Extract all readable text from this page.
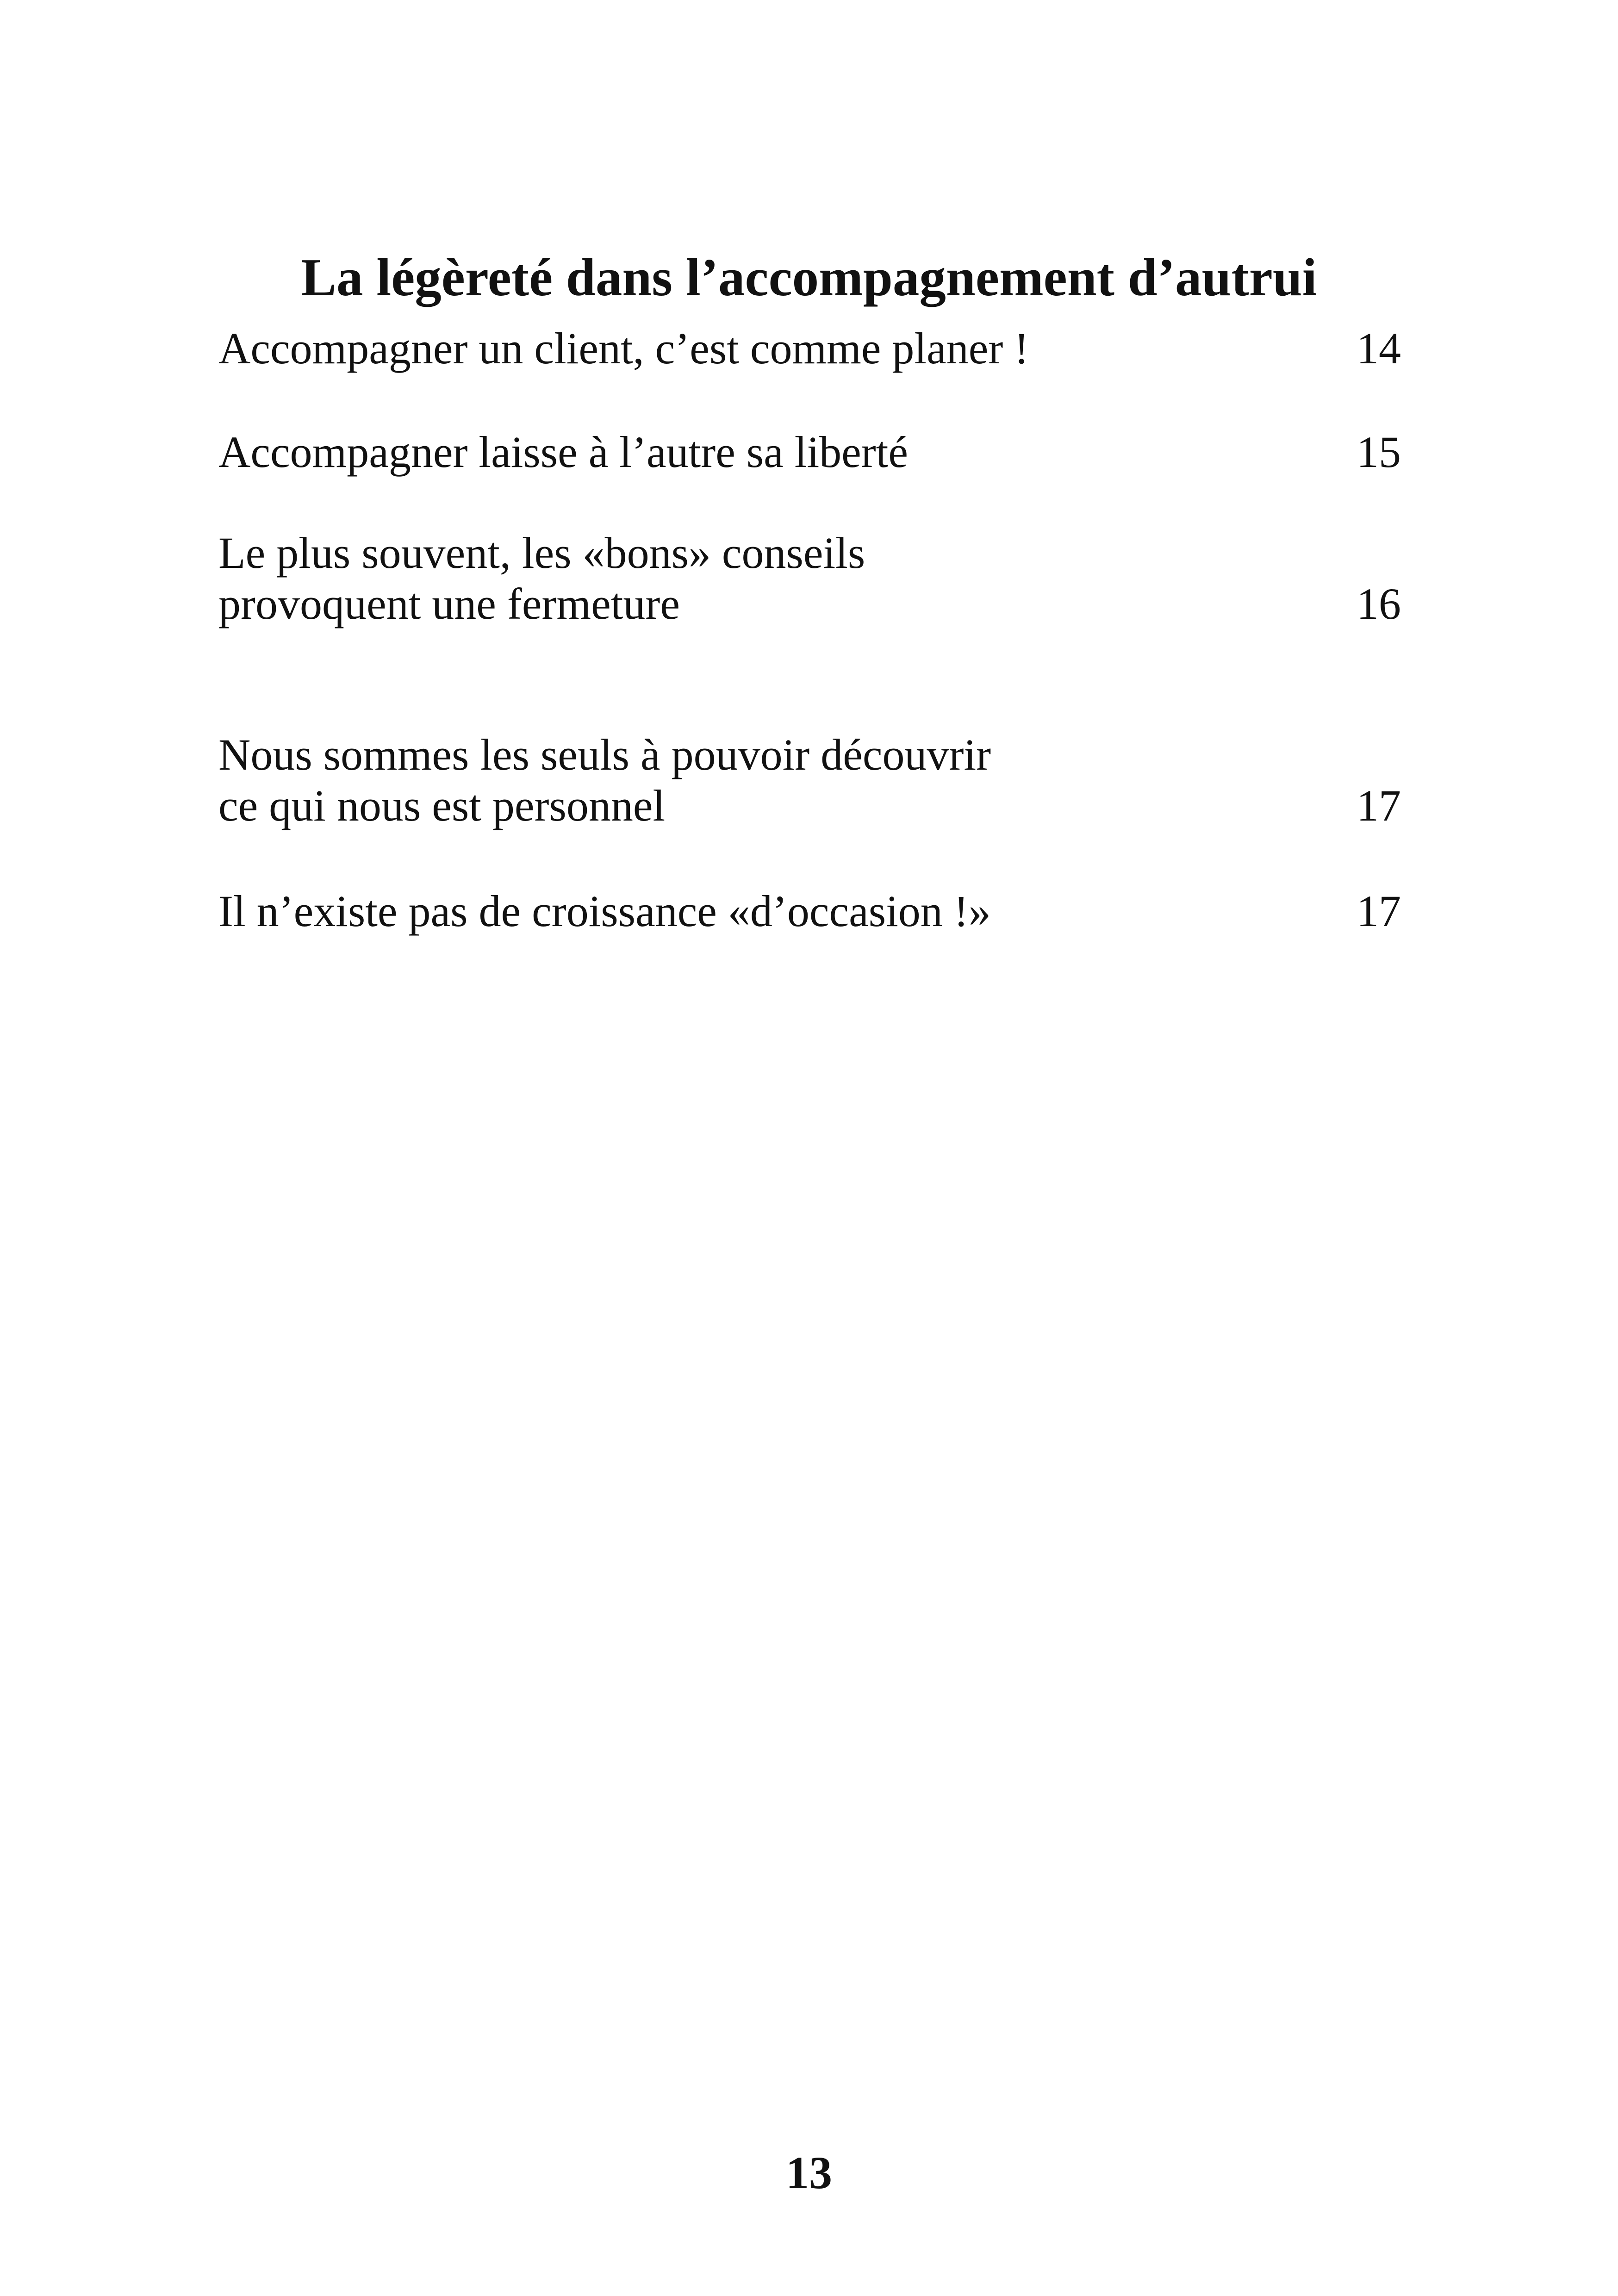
La légèreté dans l’accompagnement d’autrui
Accompagner un client, c’est comme planer !	14
Accompagner laisse à l’autre sa liberté	15
Le plus souvent, les «bons» conseils
provoquent une fermeture	16
Nous sommes les seuls à pouvoir découvrir
ce qui nous est personnel	17
Il n’existe pas de croissance «d’occasion !»	17
13
